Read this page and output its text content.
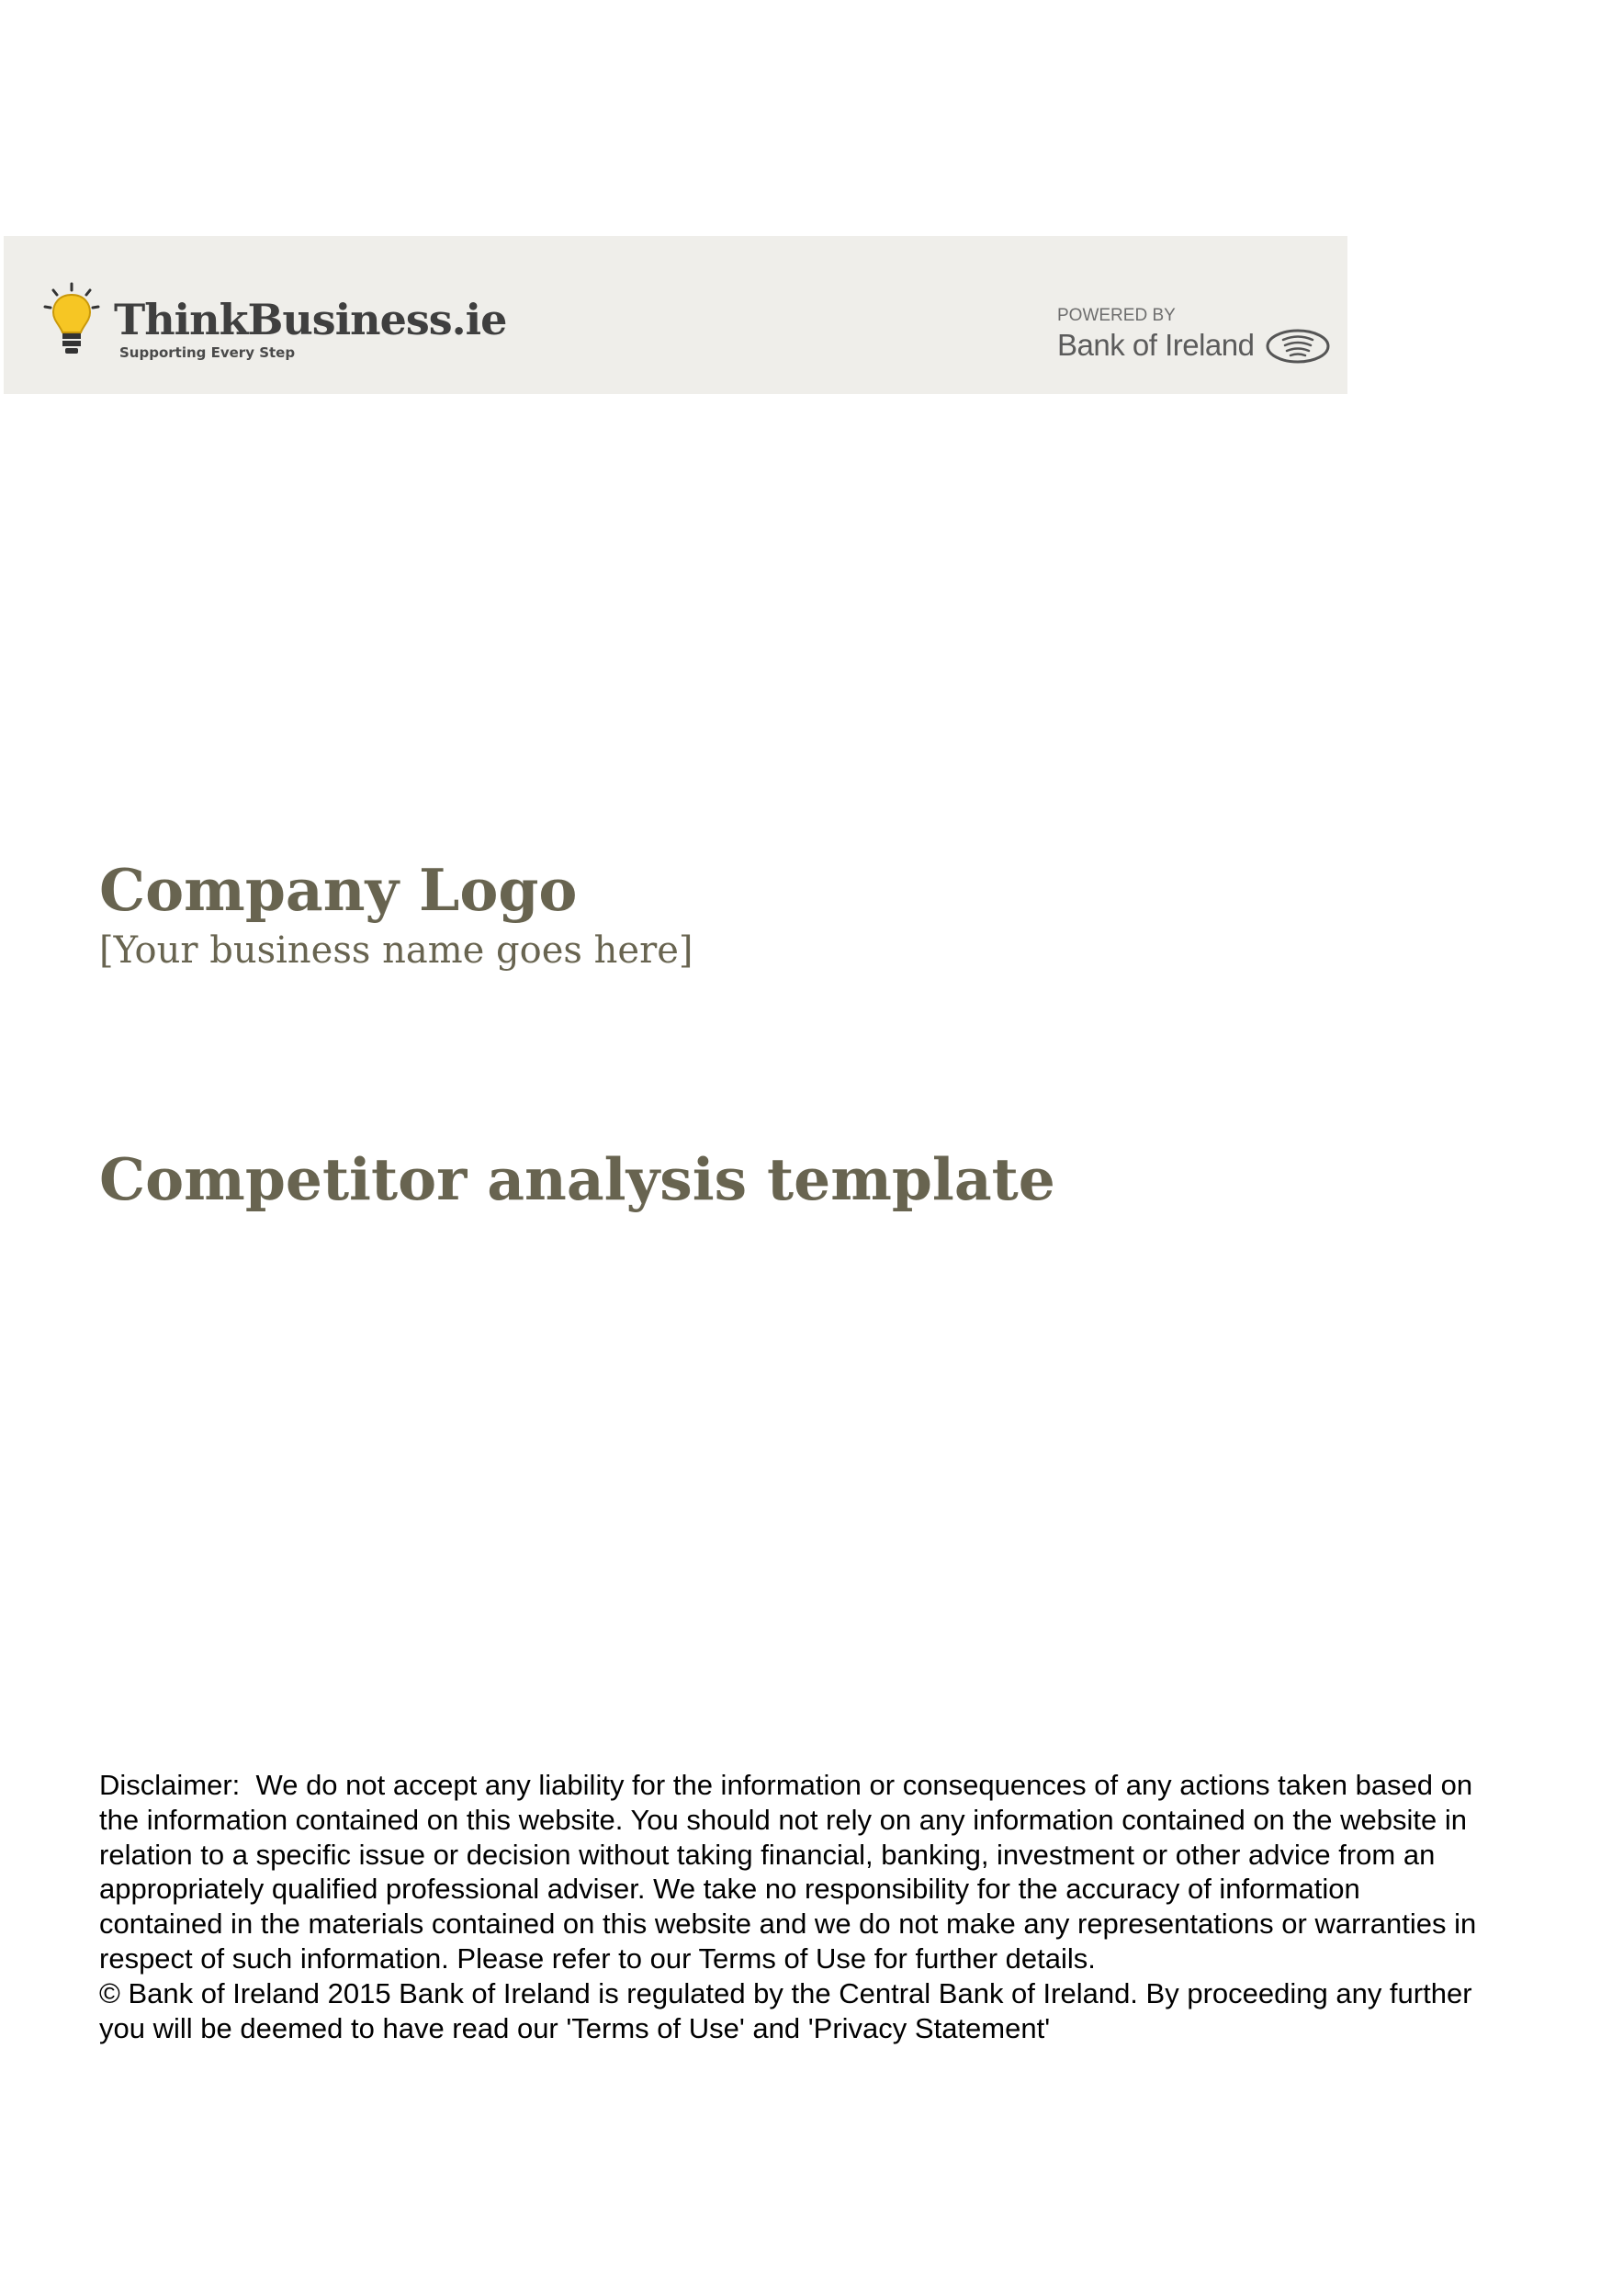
ThinkBusiness.ie
Supporting Every Step
POWERED BY
Bank of Ireland
Company Logo
[Your business name goes here]
Competitor analysis template

Disclaimer:  We do not accept any liability for the information or consequences of any actions taken based on the information contained on this website. You should not rely on any information contained on the website in relation to a specific issue or decision without taking financial, banking, investment or other advice from an appropriately qualified professional adviser. We take no responsibility for the accuracy of information contained in the materials contained on this website and we do not make any representations or warranties in respect of such information. Please refer to our Terms of Use for further details.

© Bank of Ireland 2015 Bank of Ireland is regulated by the Central Bank of Ireland. By proceeding any further you will be deemed to have read our 'Terms of Use' and 'Privacy Statement'
